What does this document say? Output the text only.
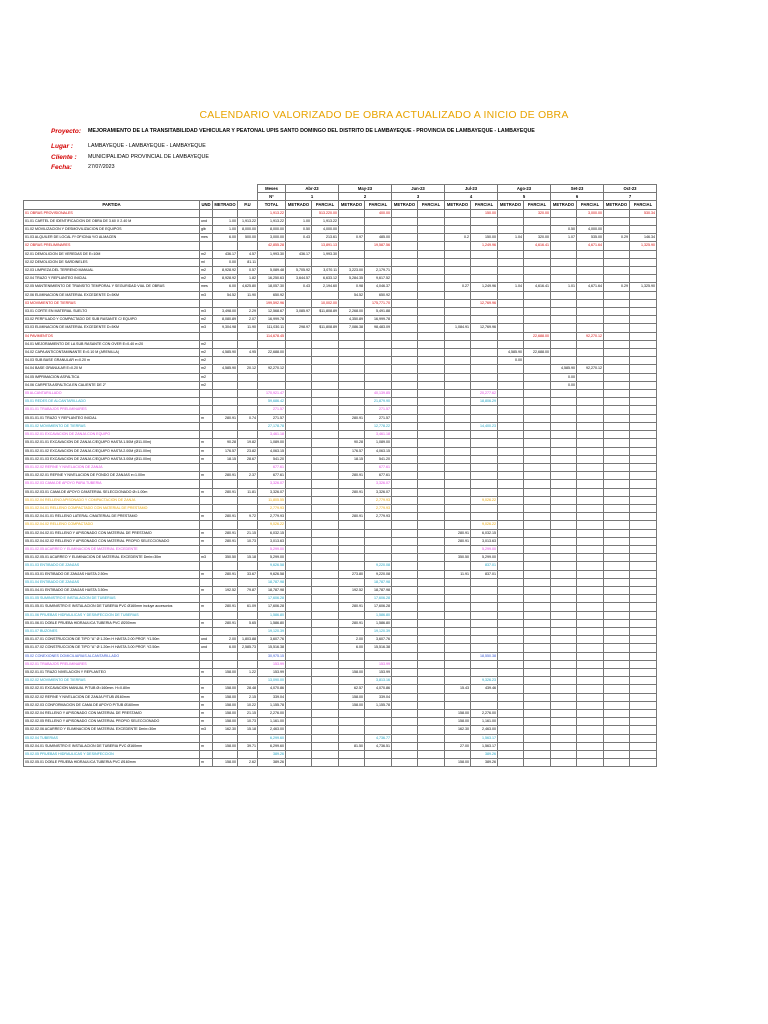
CALENDARIO VALORIZADO DE OBRA ACTUALIZADO A INICIO DE OBRA
Proyecto: MEJORAMIENTO DE LA TRANSITABILIDAD VEHICULAR Y PEATONAL UPIS SANTO DOMINGO DEL DISTRITO DE LAMBAYEQUE - PROVINCIA DE LAMBAYEQUE - LAMBAYEQUE
Lugar :	LAMBAYEQUE - LAMBAYEQUE - LAMBAYEQUE
Cliente : MUNICIPALIDAD PROVINCIAL DE LAMBAYEQUE
Fecha:	27/07/2023
				Meses	Abr-23		May-23		Jun-23		Jul-23		Ago-23		Set-23		Oct-23	
				N°	1		2		3		4		5		6		7	
PARTIDA	UND	METRADO	P.U	TOTAL	METRADO	PARCIAL	METRADO	PARCIAL	METRADO	PARCIAL	METRADO	PARCIAL	METRADO	PARCIAL	METRADO	PARCIAL	METRADO	PARCIAL
01 OBRAS PROVISIONALES				1,913.22		513.220.00		400.00				150.00		320.00		3,000.00		530.34
01.01 CARTEL DE IDENTIFICACION DE OBRA DE 3.60 X 2.40 M	und	1.00	1,913.22	1,913.22	1.00	1,913.22												
01.02 MOVILIZACION Y DESMOVILIZACION DE EQUIPOS	glb	1.00	8,000.00	8,000.00	0.50	4,000.00									0.50	4,000.00		
01.03 ALQUILER DE LOCAL P/ OFICINA Y/O ALMACEN	mes	6.00	500.00	3,000.00	0.43	213.61	0.97	485.00			0.2	150.00	1.04	320.00	1.07	535.00	0.29	146.34
02 OBRAS PRELIMINARES				42,855.28		13,891.13		19,587.56				1,249.96		4,616.41		4,671.64		1,325.90
02.01 DEMOLICION DE VEREDAS DE E=10M	m2	436.17	4.57	1,993.30	436.17	1,993.30												
02.02 DEMOLICION DE SARDINELES	ml	0.00	81.11															
02.03 LIMPIEZA DEL TERRENO MANUAL	m2	8,928.92	0.57	5,089.48	5,705.92	3,070.11	3,223.00	2,179.71										
02.04 TRAZO Y REPLANTEO INICIAL	m2	8,928.92	1.82	16,250.63	3,644.57	6,633.12	5,284.35	9,617.52										
02.05 MANTENIMIENTO DE TRANSITO TEMPORAL Y SEGURIDAD VIAL DE OBRAS	mes	6.00	4,625.80	18,057.30	0.43	2,194.60	0.98	4,046.37			0.27	1,249.96	1.04	4,616.41	1.01	4,671.64	0.29	1,325.90
02.06 ELIMINACION DE MATERIAL EXCEDENTE D=5KM	m3	54.52	11.90	650.92			54.52	650.92										
03 MOVIMIENTO DE TIERRAS				199,592.96		10,002.00		175,771.70				12,769.96						
03.01 CORTE EN MATERIAL SUELTO	m3	3,498.00	2.29	12,568.67	3,085.97	$11,808.89	2,268.00	5,491.88										
03.02 PERFILADO Y COMPACTADO DE SUB RASANTE C/ EQUIPO	m2	8,080.89	2.07	16,999.78			4,350.89	16,999.78										
03.03 ELIMINACION DE MATERIAL EXCEDENTE D=5KM	m3	9,304.98	11.90	111,030.11	298.97	$11,808.89	7,086.38	98,483.09			1,084.91	12,769.96						
04 PAVIMENTOS				114,678.45										22,688.00		92,270.12		
04.01 MEJORAMIENTO DE LA SUB RASANTE CON OVER E=0.40 e=20	m2																	
04.02 CAPA ANTICONTAMINANTE E=0.10 M (ARENILLA)	m2	4,585.90	4.95	22,688.00									4,585.90	22,688.00				
04.03 SUB BASE GRANULAR e=0.20 m	m2												0.00					
04.04 BASE GRANULAR E=0.20 M	m2	4,585.90	20.12	92,270.12											4,585.90	92,270.12		
04.05 IMPRIMACION ASFALTICA	m2														0.00			
04.06 CARPETA ASFALTICA EN CALIENTE DE 2"	m2														0.00			
05 ALCANTARILLADO				170,921.47				40,139.85				20,277.62						
05.01 REDES DE ALCANTARILLADO				59,686.42				21,879.90				18,806.29						
05.01.01 TRABAJOS PRELIMINARES				271.57				271.57										
05.01.01.01 TRAZO Y REPLANTEO INICIAL	m	280.91	0.74	271.57			280.91	271.57										
05.01.02 MOVIMIENTO DE TIERRAS				27,178.78				12,778.22				14,400.23						
05.01.02.01 EXCAVACION DE ZANJA CON EQUIPO				3,461.18				3,461.18										
05.01.02.01.01 EXCAVACION DE ZANJA C/EQUIPO HASTA 1.50M (Ø11.00m)	m	90.28	19.82	1,089.00			90.28	1,089.00										
05.01.02.01.02 EXCAVACION DE ZANJA C/EQUIPO HASTA 2.00M (Ø11.00m)	m	176.57	23.82	4,063.15			176.57	4,063.15										
05.01.02.01.03 EXCAVACION DE ZANJA C/EQUIPO HASTA 3.00M (Ø11.00m)	m	18.15	28.67	541.20			18.15	541.20										
05.01.02.02 REFINE Y NIVELACION DE ZANJA				677.61				677.61										
05.01.02.02.01 REFINE Y NIVELACION DE FONDO DE ZANJAS e=1.00m	m	280.91	2.37	677.61			280.91	677.61										
05.01.02.03 CAMA DE APOYO PARA TUBERIA				3,326.07				3,326.07										
05.01.02.03.01 CAMA DE APOYO C/MATERIAL SELECCIONADO Ø=1.00m	m	280.91	11.81	3,326.07			280.91	3,326.07										
05.01.02.04 RELLENO APISONADO Y COMPACTACION DE ZANJA				11,805.55				2,779.93				9,026.22						
05.01.02.04.01 RELLENO COMPACTADO CON MATERIAL DE PRESTAMO				2,779.93				2,779.93										
05.01.02.04.01.01 RELLENO LATERAL C/MATERIAL DE PRESTAMO	m	280.91	9.72	2,779.93			280.91	2,779.93										
05.01.02.04.02 RELLENO COMPACTADO				9,026.22								9,026.22						
05.01.02.04.02.01 RELLENO Y APISONADO CON MATERIAL DE PRESTAMO	m	280.91	21.15	6,032.15							280.91	6,032.15						
05.01.02.04.02.02 RELLENO Y APISONADO CON MATERIAL PROPIO SELECCIONADO	m	280.91	10.73	3,013.63							280.91	3,013.63						
05.01.02.05 ACARREO Y ELIMINACION DE MATERIAL EXCEDENTE				5,299.00								5,299.00						
05.01.02.05.01 ACARREO Y ELIMINACION DE MATERIAL EXCEDENTE Dmin=30m	m3	350.50	15.18	5,299.00							350.50	5,299.00						
05.01.03 ENTIBADO DE ZANJAS				9,626.58				9,220.08				837.01						
05.01.03.01 ENTIBADO DE ZANJAS HASTA 2.50m	m	280.91	33.67	9,626.58			273.80	9,220.08			11.91	837.01						
05.01.04 ENTIBADO DE ZANJAS				18,787.98				18,787.98										
05.01.04.01 ENTIBADO DE ZANJAS HASTA 3.50m	m	192.52	79.87	18,787.98			192.52	18,787.98										
05.01.05 SUMINISTRO E INSTALACION DE TUBERIAS				17,606.28				17,606.28										
05.01.05.01 SUMINISTRO E INSTALACION DE TUBERIA PVC Ø160mm incluye accesorios	m	280.91	61.09	17,606.28			280.91	17,606.28										
05.01.06 PRUEBAS HIDRAULICAS Y DESINFECCION DE TUBERIAS				1,586.80				1,586.80										
05.01.06.01 DOBLE PRUEBA HIDRAULICA TUBERIA PVC Ø200mm	m	280.91	5.65	1,586.80			280.91	1,586.80										
05.01.07 BUZONES				19,120.39				19,120.39										
05.01.07.01 CONSTRUCCION DE TIPO "A" Ø 1.20m H HASTA 2.00 PROF. Y1.50m	und	2.00	1,803.88	3,607.76			2.00	3,607.76										
05.01.07.02 CONSTRUCCION DE TIPO "A" Ø 1.20m H HASTA 3.00 PROF. Y2.50m	und	6.00	2,585.73	15,516.38			6.00	15,516.38										
05.02 CONEXIONES DOMICILIARIAS ALCANTARILLADO				30,975.15								18,550.38						
05.02.01 TRABAJOS PRELIMINARES				153.99				153.99										
05.02.01.01 TRAZO NIVELACION Y REPLANTEO	m	158.00	1.22	153.99			158.00	153.99										
05.02.02 MOVIMIENTO DE TIERRAS				13,090.00				3,813.16				9,326.23						
05.02.02.01 EXCAVACION MANUAL P/TUB Ø=160mm. H=0.80m	m	158.00	28.48	4,070.86			62.57	4,070.86			15.43	439.46						
05.02.02.02 REFINE Y NIVELACION DE ZANJA P/TUB Ø160mm	m	158.00	2.15	339.04			158.00	339.04										
05.02.02.03 CONFORMACION DE CAMA DE APOYO P/TUB Ø160mm	m	158.00	10.22	1,155.78			158.00	1,155.78										
05.02.02.04 RELLENO Y APISONADO CON MATERIAL DE PRESTAMO	m	158.00	21.15	2,276.00							158.00	2,276.00						
05.02.02.05 RELLENO Y APISONADO CON MATERIAL PROPIO SELECCIONADO	m	158.00	10.73	1,161.00							158.00	1,161.00						
05.02.02.06 ACARREO Y ELIMINACION DE MATERIAL EXCEDENTE Dmin=30m	m3	162.30	15.18	2,463.00							162.30	2,463.00						
05.02.04 TUBERIAS				6,299.60				4,736.77				1,563.17						
05.02.04.01 SUMINISTRO E INSTALACION DE TUBERIA PVC Ø160mm	m	158.00	39.71	6,299.60			81.50	4,736.51			27.00	1,563.17						
05.02.05 PRUEBAS HIDRAULICAS Y DESINFECCION				389.26								389.26						
05.02.05.01 DOBLE PRUEBA HIDRAULICA TUBERIA PVC Ø160mm	m	158.00	2.62	389.26							158.00	389.26						
